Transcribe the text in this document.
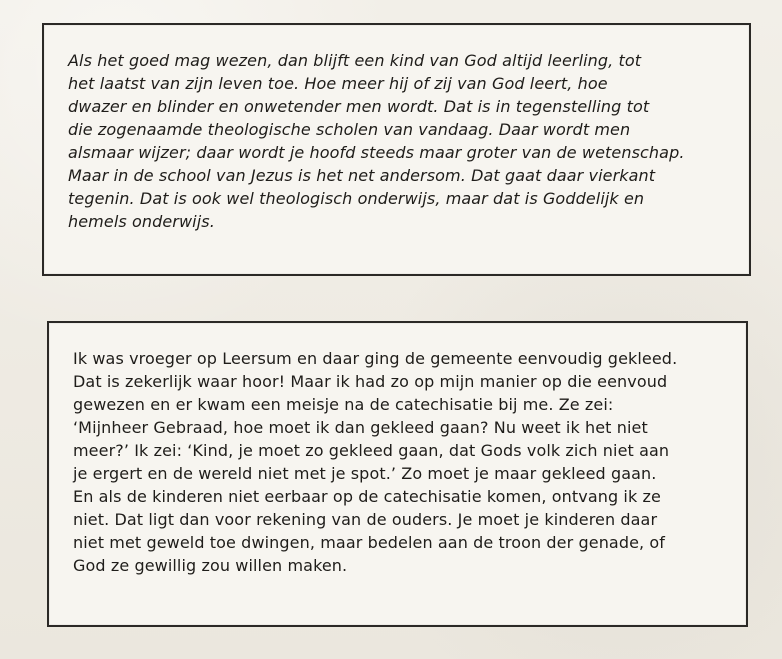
Als het goed mag wezen, dan blijft een kind van God altijd leerling, tot
het laatst van zijn leven toe. Hoe meer hij of zij van God leert, hoe
dwazer en blinder en onwetender men wordt. Dat is in tegenstelling tot
die zogenaamde theologische scholen van vandaag. Daar wordt men
alsmaar wijzer; daar wordt je hoofd steeds maar groter van de wetenschap.
Maar in de school van Jezus is het net andersom. Dat gaat daar vierkant
tegenin. Dat is ook wel theologisch onderwijs, maar dat is Goddelijk en
hemels onderwijs.
Ik was vroeger op Leersum en daar ging de gemeente eenvoudig gekleed.
Dat is zekerlijk waar hoor! Maar ik had zo op mijn manier op die eenvoud
gewezen en er kwam een meisje na de catechisatie bij me. Ze zei:
‘Mijnheer Gebraad, hoe moet ik dan gekleed gaan? Nu weet ik het niet
meer?’ Ik zei: ‘Kind, je moet zo gekleed gaan, dat Gods volk zich niet aan
je ergert en de wereld niet met je spot.’ Zo moet je maar gekleed gaan.
En als de kinderen niet eerbaar op de catechisatie komen, ontvang ik ze
niet. Dat ligt dan voor rekening van de ouders. Je moet je kinderen daar
niet met geweld toe dwingen, maar bedelen aan de troon der genade, of
God ze gewillig zou willen maken.
